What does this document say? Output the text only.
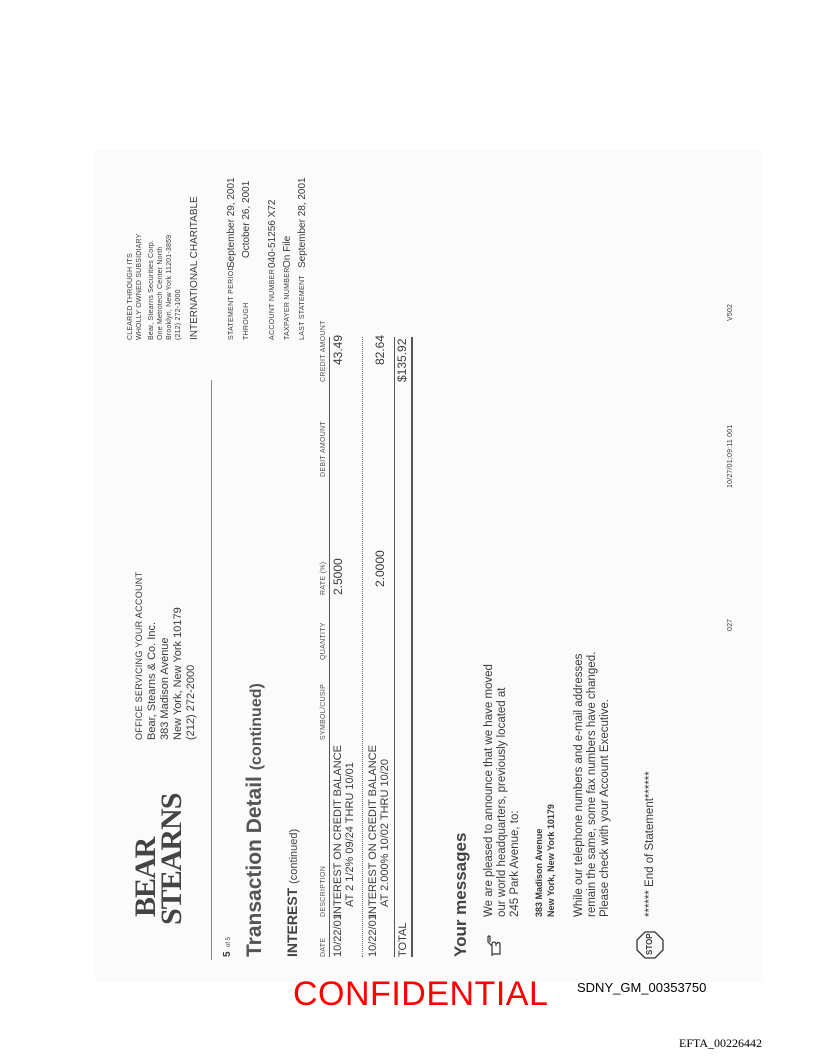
BEAR
STEARNS
OFFICE SERVICING YOUR ACCOUNT Bear, Stearns & Co. Inc. 383 Madison Avenue New York, New York 10179 (212) 272-2000
CLEARED THROUGH ITS WHOLLY OWNED SUBSIDIARY Bear, Stearns Securities Corp. One Metrotech Center North Brooklyn, New York 11201-3859 (212) 272-1000 INTERNATIONAL CHARITABLE	STATEMENT PERIOD
September 29, 2001
THROUGH
October 26, 2001
ACCOUNT NUMBER
040-51256 X72
TAXPAYER NUMBER
On File
LAST STATEMENT
September 28, 2001
5 of 5 Transaction Detail (continued)
INTEREST (continued)
DATE
DESCRIPTION
SYMBOL/CUSIP
QUANTITY
RATE (%)
DEBIT AMOUNT
CREDIT AMOUNT
10/22/01
INTEREST ON CREDIT BALANCE AT 2 1/2% 09/24 THRU 10/01
2.5000
43.49
10/22/01
INTEREST ON CREDIT BALANCE AT 2.000% 10/02 THRU 10/20
2.0000
82.64
TOTAL
$135.92
Your messages We are pleased to announce that we have moved our world headquarters, previously located at 245 Park Avenue, to: 383 Madison Avenue New York, New York 10179 While our telephone numbers and e-mail addresses remain the same, some fax numbers have changed. Please check with your Account Executive.
STOP
****** End of Statement******
027
10/27/01;09:11 001
V502
CONFIDENTIAL SDNY_GM_00353750
EFTA_00226442
